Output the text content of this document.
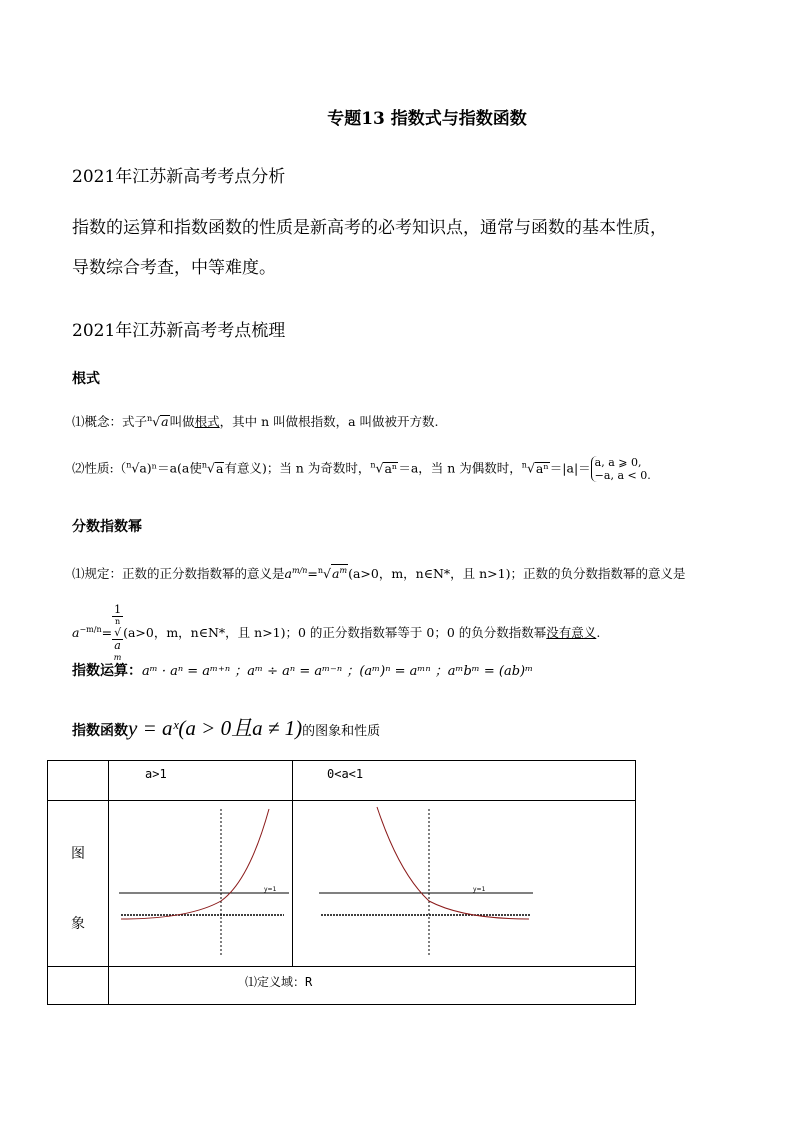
专题13 指数式与指数函数
2021年江苏新高考考点分析
指数的运算和指数函数的性质是新高考的必考知识点，通常与函数的基本性质，
导数综合考查，中等难度。
2021年江苏新高考考点梳理
根式
⑴概念：式子$^n$√a叫做根式，其中 n 叫做根指数，a 叫做被开方数.
⑵性质:（$^n$√a)ⁿ＝a(a使$^n$√a有意义)；当 n 为奇数时，$^n$√aⁿ＝a，当 n 为偶数时，$^n$√aⁿ＝|a|＝ a, a ⩾ 0,
−a, a < 0.
分数指数幂
⑴规定：正数的正分数指数幂的意义是$a^{m/n}=^n√a^m(a>0$，m，n∈N*，且 n>1)；正数的负分数指数幂的意义是
$a^{-m/n}= 1$
n
√
a
m (a>0，m，n∈N*，且 n>1)；0 的正分数指数幂等于 0；0 的负分数指数幂没有意义.
指数运算：aᵐ · aⁿ = aᵐ⁺ⁿ ；aᵐ ÷ aⁿ = aᵐ⁻ⁿ ；(aᵐ)ⁿ = aᵐⁿ ；aᵐbᵐ = (ab)ᵐ
指数函数y = aˣ(a > 0且a ≠ 1)的图象和性质

	a>1	0<a<1

图
象	y=1	y=1

	⑴定义域：R	
